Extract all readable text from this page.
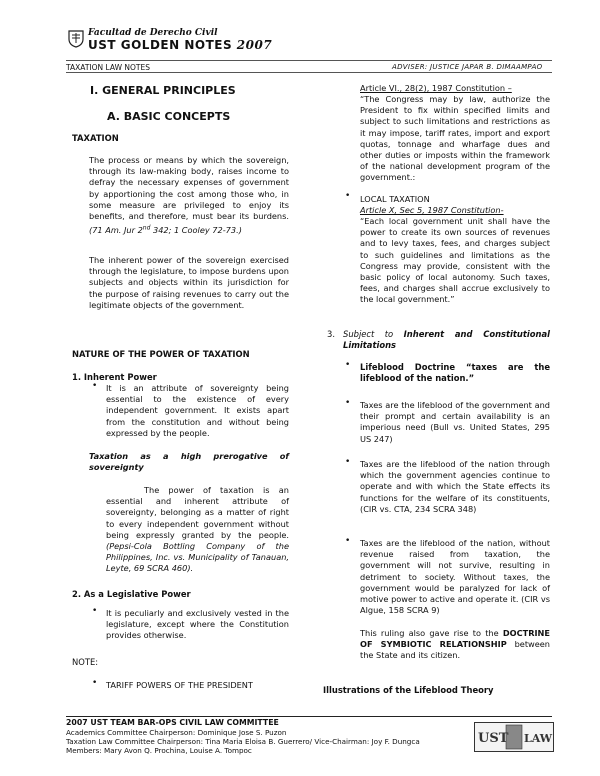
Facultad de Derecho Civil
UST GOLDEN NOTES 2007
TAXATION LAW NOTES	ADVISER: JUSTICE JAPAR B. DIMAAMPAO
I. GENERAL PRINCIPLES
A. BASIC CONCEPTS
TAXATION
The process or means by which the sovereign, through its law-making body, raises income to defray the necessary expenses of government by apportioning the cost among those who, in some measure are privileged to enjoy its benefits, and therefore, must bear its burdens. (71 Am. Jur 2nd 342; 1 Cooley 72-73.)
The inherent power of the sovereign exercised through the legislature, to impose burdens upon subjects and objects within its jurisdiction for the purpose of raising revenues to carry out the legitimate objects of the government.
NATURE OF THE POWER OF TAXATION
1. Inherent Power
• It is an attribute of sovereignty being essential to the existence of every independent government. It exists apart from the constitution and without being expressed by the people.
Taxation as a high prerogative of sovereignty
The power of taxation is an essential and inherent attribute of sovereignty, belonging as a matter of right to every independent government without being expressly granted by the people. (Pepsi-Cola Bottling Company of the Philippines, Inc. vs. Municipality of Tanauan, Leyte, 69 SCRA 460).
2. As a Legislative Power
• It is peculiarly and exclusively vested in the legislature, except where the Constitution provides otherwise.
NOTE:
• TARIFF POWERS OF THE PRESIDENT
Article VI., 28(2), 1987 Constitution –
“The Congress may by law, authorize the President to fix within specified limits and subject to such limitations and restrictions as it may impose, tariff rates, import and export quotas, tonnage and wharfage dues and other duties or imposts within the framework of the national development program of the government.:
• LOCAL TAXATION
Article X, Sec 5, 1987 Constitution-
“Each local government unit shall have the power to create its own sources of revenues and to levy taxes, fees, and charges subject to such guidelines and limitations as the Congress may provide, consistent with the basic policy of local autonomy. Such taxes, fees, and charges shall accrue exclusively to the local government.”
3. Subject to Inherent and Constitutional Limitations
• Lifeblood Doctrine “taxes are the lifeblood of the nation.”
• Taxes are the lifeblood of the government and their prompt and certain availability is an imperious need (Bull vs. United States, 295 US 247)
• Taxes are the lifeblood of the nation through which the government agencies continue to operate and with which the State effects its functions for the welfare of its constituents, (CIR vs. CTA, 234 SCRA 348)
• Taxes are the lifeblood of the nation, without revenue raised from taxation, the government will not survive, resulting in detriment to society. Without taxes, the government would be paralyzed for lack of motive power to active and operate it. (CIR vs Algue, 158 SCRA 9)
This ruling also gave rise to the DOCTRINE OF SYMBIOTIC RELATIONSHIP between the State and its citizen.
Illustrations of the Lifeblood Theory
2007 UST TEAM BAR-OPS CIVIL LAW COMMITTEE
Academics Committee Chairperson: Dominique Jose S. Puzon
Taxation Law Committee Chairperson: Tina Maria Eloisa B. Guerrero/ Vice-Chairman: Joy F. Dungca
Members: Mary Avon Q. Prochina, Louise A. Tompoc
UST LAW
